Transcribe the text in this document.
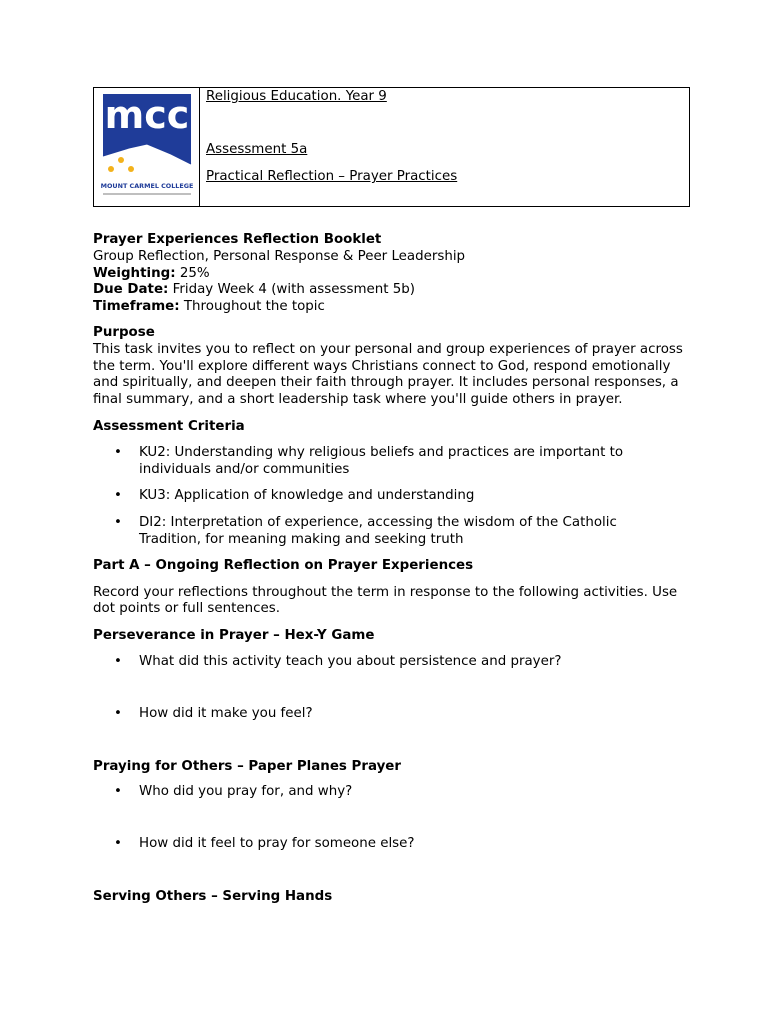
mcc
MOUNT CARMEL COLLEGE
Religious Education. Year 9
Assessment 5a
Practical Reflection – Prayer Practices

Prayer Experiences Reflection Booklet

Group Reflection, Personal Response & Peer Leadership

Weighting: 25%

Due Date: Friday Week 4 (with assessment 5b)

Timeframe: Throughout the topic

Purpose

This task invites you to reflect on your personal and group experiences of prayer across the term. You'll explore different ways Christians connect to God, respond emotionally and spiritually, and deepen their faith through prayer. It includes personal responses, a final summary, and a short leadership task where you'll guide others in prayer.

Assessment Criteria

• KU2: Understanding why religious beliefs and practices are important to individuals and/or communities
• KU3: Application of knowledge and understanding
• DI2: Interpretation of experience, accessing the wisdom of the Catholic Tradition, for meaning making and seeking truth

Part A – Ongoing Reflection on Prayer Experiences

Record your reflections throughout the term in response to the following activities. Use dot points or full sentences.

Perseverance in Prayer – Hex-Y Game

• What did this activity teach you about persistence and prayer?
• How did it make you feel?

Praying for Others – Paper Planes Prayer

• Who did you pray for, and why?
• How did it feel to pray for someone else?

Serving Others – Serving Hands
